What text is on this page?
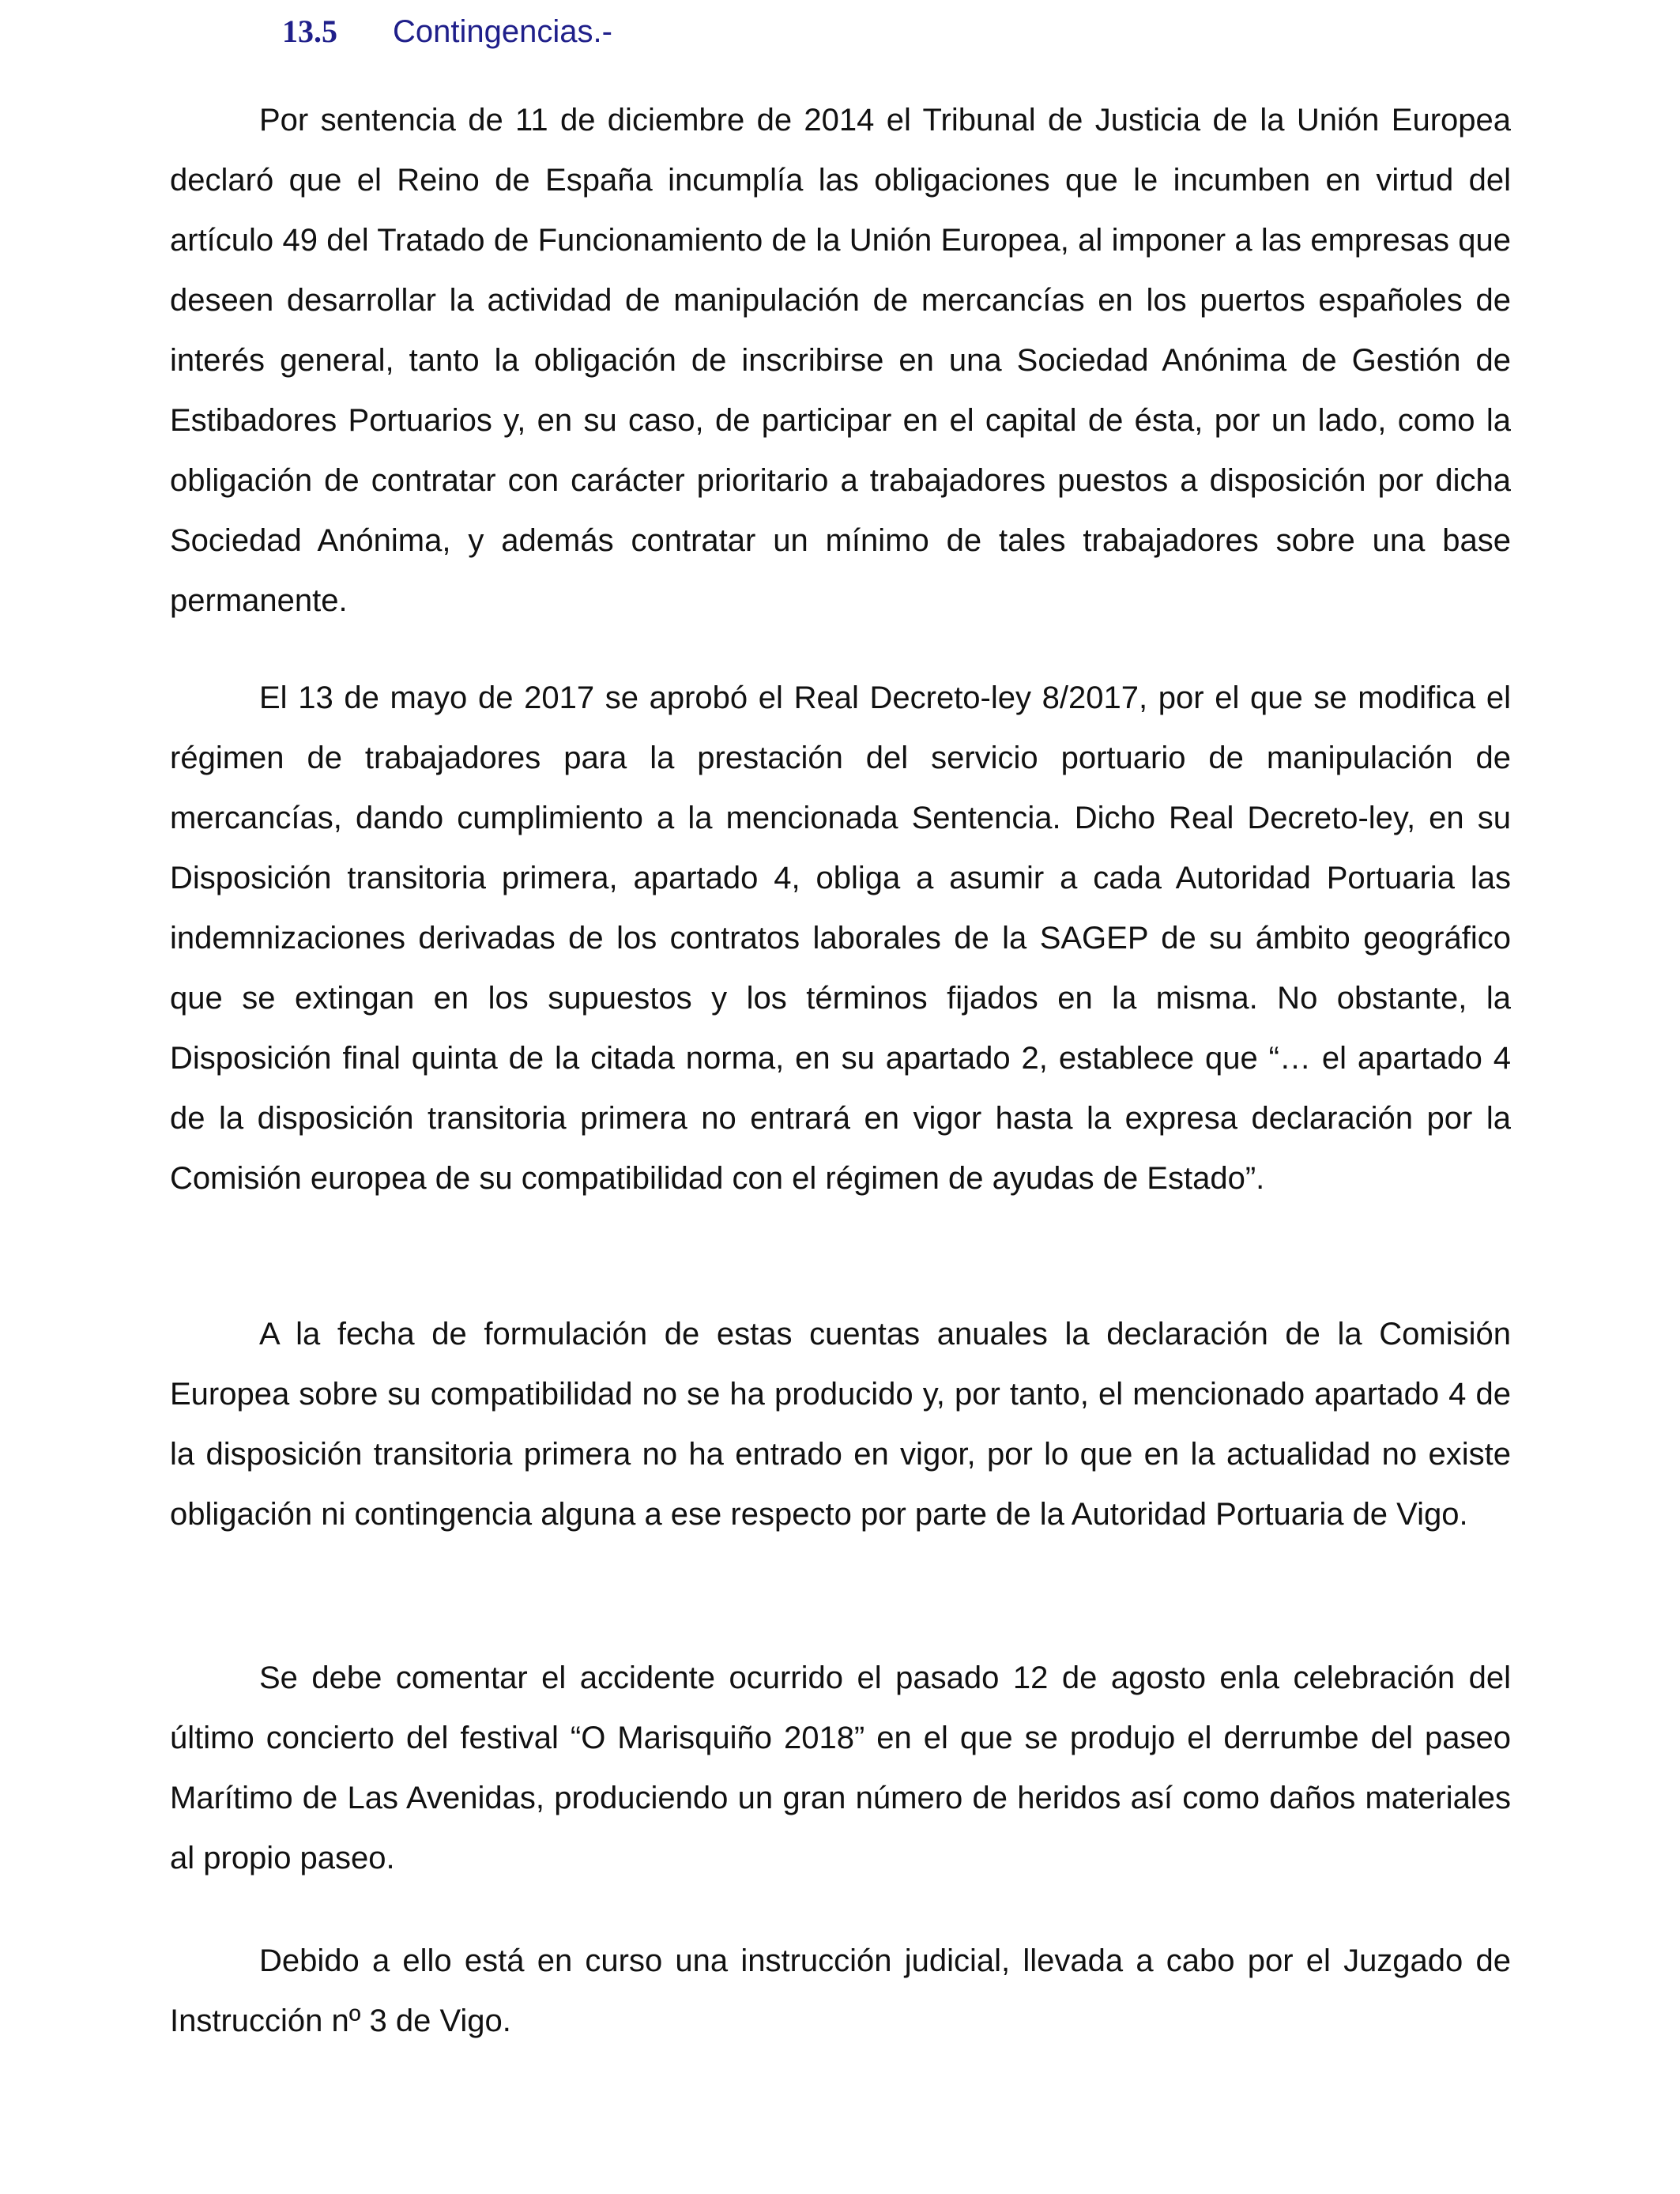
13.5 Contingencias.-

Por sentencia de 11 de diciembre de 2014 el Tribunal de Justicia de la Unión Europea declaró que el Reino de España incumplía las obligaciones que le incumben en virtud del artículo 49 del Tratado de Funcionamiento de la Unión Europea, al imponer a las empresas que deseen desarrollar la actividad de manipulación de mercancías en los puertos españoles de interés general, tanto la obligación de inscribirse en una Sociedad Anónima de Gestión de Estibadores Portuarios y, en su caso, de participar en el capital de ésta, por un lado, como la obligación de contratar con carácter prioritario a trabajadores puestos a disposición por dicha Sociedad Anónima, y además contratar un mínimo de tales trabajadores sobre una base permanente.

El 13 de mayo de 2017 se aprobó el Real Decreto-ley 8/2017, por el que se modifica el régimen de trabajadores para la prestación del servicio portuario de manipulación de mercancías, dando cumplimiento a la mencionada Sentencia. Dicho Real Decreto-ley, en su Disposición transitoria primera, apartado 4, obliga a asumir a cada Autoridad Portuaria las indemnizaciones derivadas de los contratos laborales de la SAGEP de su ámbito geográfico que se extingan en los supuestos y los términos fijados en la misma. No obstante, la Disposición final quinta de la citada norma, en su apartado 2, establece que “… el apartado 4 de la disposición transitoria primera no entrará en vigor hasta la expresa declaración por la Comisión europea de su compatibilidad con el régimen de ayudas de Estado”.

A la fecha de formulación de estas cuentas anuales la declaración de la Comisión Europea sobre su compatibilidad no se ha producido y, por tanto, el mencionado apartado 4 de la disposición transitoria primera no ha entrado en vigor, por lo que en la actualidad no existe obligación ni contingencia alguna a ese respecto por parte de la Autoridad Portuaria de Vigo.

Se debe comentar el accidente ocurrido el pasado 12 de agosto enla celebración del último concierto del festival “O Marisquiño 2018” en el que se produjo el derrumbe del paseo Marítimo de Las Avenidas, produciendo un gran número de heridos así como daños materiales al propio paseo.

Debido a ello está en curso una instrucción judicial, llevada a cabo por el Juzgado de Instrucción nº 3 de Vigo.
